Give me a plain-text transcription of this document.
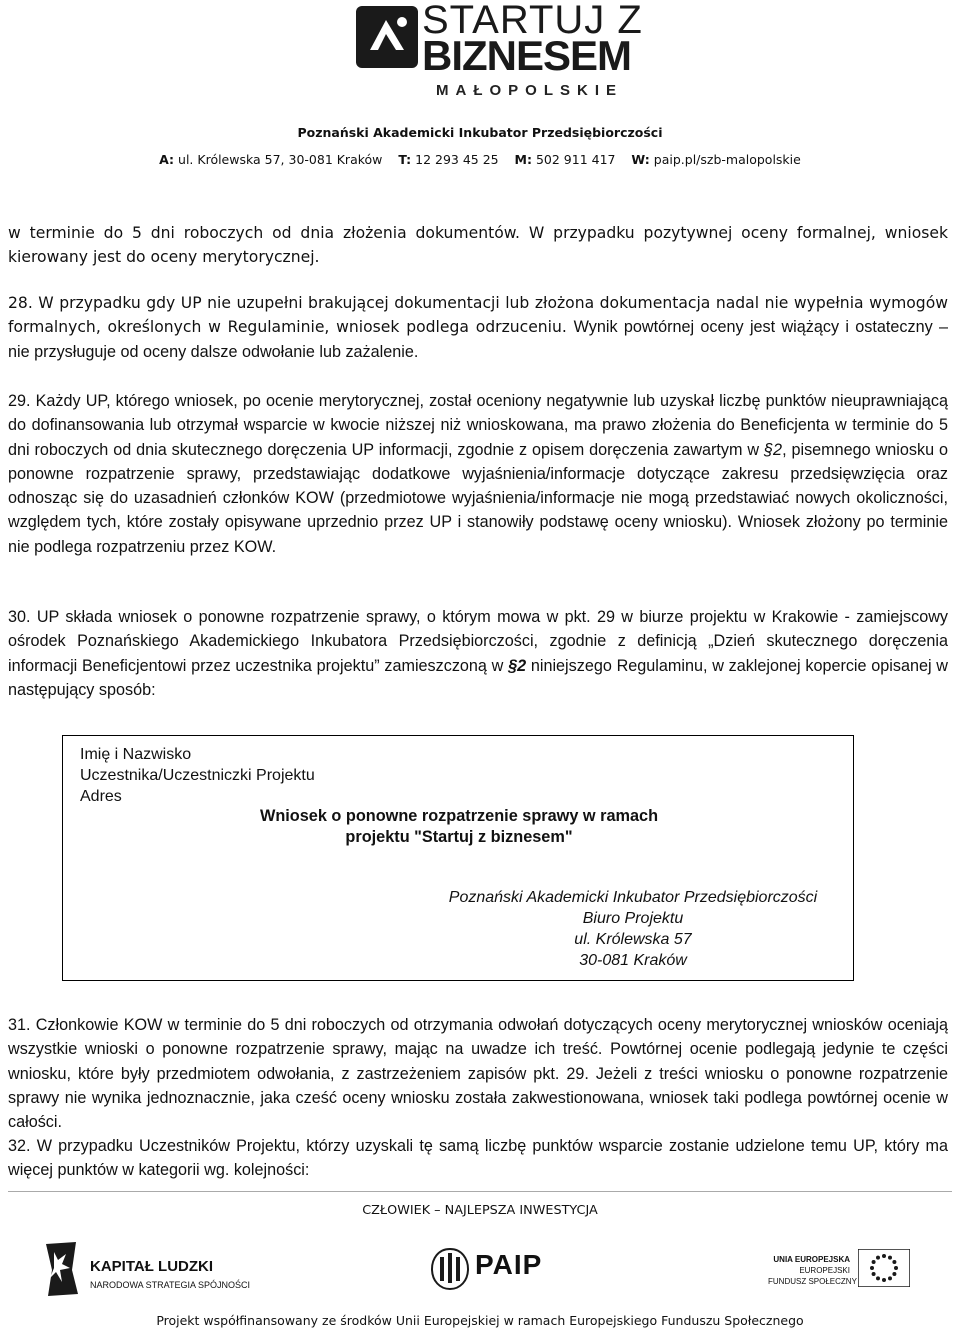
STARTUJ Z
BIZNESEM
MAŁOPOLSKIE
Poznański Akademicki Inkubator Przedsiębiorczości
A: ul. Królewska 57, 30-081 Kraków T: 12 293 45 25 M: 502 911 417 W: paip.pl/szb-malopolskie
w terminie do 5 dni roboczych od dnia złożenia dokumentów. W przypadku pozytywnej oceny formalnej, wniosek kierowany jest do oceny merytorycznej.
28. W przypadku gdy UP nie uzupełni brakującej dokumentacji lub złożona dokumentacja nadal nie wypełnia wymogów formalnych, określonych w Regulaminie, wniosek podlega odrzuceniu. Wynik powtórnej oceny jest wiążący i ostateczny – nie przysługuje od oceny dalsze odwołanie lub zażalenie.
29. Każdy UP, którego wniosek, po ocenie merytorycznej, został oceniony negatywnie lub uzyskał liczbę punktów nieuprawniającą do dofinansowania lub otrzymał wsparcie w kwocie niższej niż wnioskowana, ma prawo złożenia do Beneficjenta w terminie do 5 dni roboczych od dnia skutecznego doręczenia UP informacji, zgodnie z opisem doręczenia zawartym w §2, pisemnego wniosku o ponowne rozpatrzenie sprawy, przedstawiając dodatkowe wyjaśnienia/informacje dotyczące zakresu przedsięwzięcia oraz odnosząc się do uzasadnień członków KOW (przedmiotowe wyjaśnienia/informacje nie mogą przedstawiać nowych okoliczności, względem tych, które zostały opisywane uprzednio przez UP i stanowiły podstawę oceny wniosku). Wniosek złożony po terminie nie podlega rozpatrzeniu przez KOW.
30. UP składa wniosek o ponowne rozpatrzenie sprawy, o którym mowa w pkt. 29 w biurze projektu w Krakowie - zamiejscowy ośrodek Poznańskiego Akademickiego Inkubatora Przedsiębiorczości, zgodnie z definicją „Dzień skutecznego doręczenia informacji Beneficjentowi przez uczestnika projektu” zamieszczoną w §2 niniejszego Regulaminu, w zaklejonej kopercie opisanej w następujący sposób:
Imię i Nazwisko
Uczestnika/Uczestniczki Projektu
Adres
Wniosek o ponowne rozpatrzenie sprawy w ramach
projektu "Startuj z biznesem"
Poznański Akademicki Inkubator Przedsiębiorczości
Biuro Projektu
ul. Królewska 57
30-081 Kraków
31. Członkowie KOW w terminie do 5 dni roboczych od otrzymania odwołań dotyczących oceny merytorycznej wniosków oceniają wszystkie wnioski o ponowne rozpatrzenie sprawy, mając na uwadze ich treść. Powtórnej ocenie podlegają jedynie te części wniosku, które były przedmiotem odwołania, z zastrzeżeniem zapisów pkt. 29. Jeżeli z treści wniosku o ponowne rozpatrzenie sprawy nie wynika jednoznacznie, jaka cześć oceny wniosku została zakwestionowana, wniosek taki podlega powtórnej ocenie w całości.
32. W przypadku Uczestników Projektu, którzy uzyskali tę samą liczbę punktów wsparcie zostanie udzielone temu UP, który ma więcej punktów w kategorii wg. kolejności:
CZŁOWIEK – NAJLEPSZA INWESTYCJA
KAPITAŁ LUDZKI
NARODOWA STRATEGIA SPÓJNOŚCI
PAIP	UNIA EUROPEJSKA
EUROPEJSKI
FUNDUSZ SPOŁECZNY
Projekt współfinansowany ze środków Unii Europejskiej w ramach Europejskiego Funduszu Społecznego
